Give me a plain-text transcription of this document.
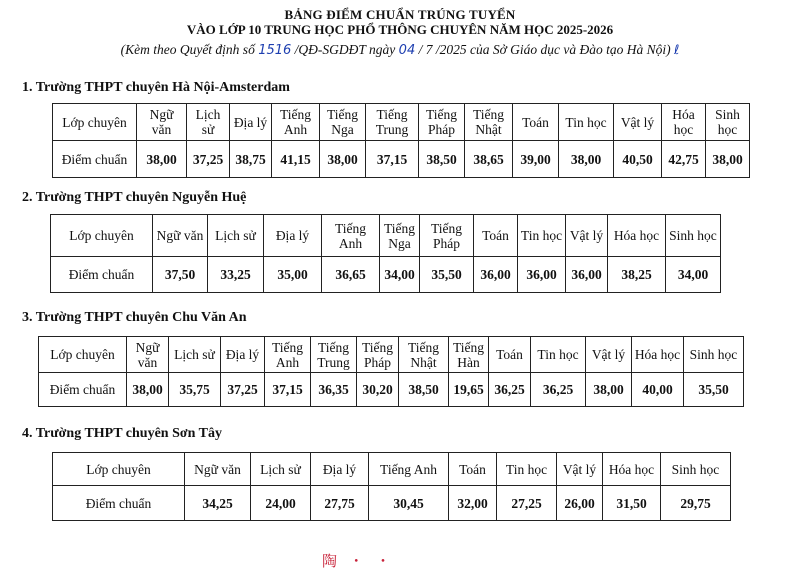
BẢNG ĐIỂM CHUẨN TRÚNG TUYỂN
VÀO LỚP 10 TRUNG HỌC PHỔ THÔNG CHUYÊN NĂM HỌC 2025-2026
(Kèm theo Quyết định số 1516 /QĐ-SGDĐT ngày 04 / 7 /2025 của Sở Giáo dục và Đào tạo Hà Nội) ℓ
1. Trường THPT chuyên Hà Nội-Amsterdam
Lớp chuyên	Ngữ văn	Lịch sử	Địa lý	Tiếng Anh	Tiếng Nga	Tiếng Trung	Tiếng Pháp	Tiếng Nhật	Toán	Tin học	Vật lý	Hóa học	Sinh học
Điểm chuẩn	38,00	37,25	38,75	41,15	38,00	37,15	38,50	38,65	39,00	38,00	40,50	42,75	38,00
2. Trường THPT chuyên Nguyễn Huệ
Lớp chuyên	Ngữ văn	Lịch sử	Địa lý	Tiếng Anh	Tiếng Nga	Tiếng Pháp	Toán	Tin học	Vật lý	Hóa học	Sinh học
Điểm chuẩn	37,50	33,25	35,00	36,65	34,00	35,50	36,00	36,00	36,00	38,25	34,00
3. Trường THPT chuyên Chu Văn An
Lớp chuyên	Ngữ văn	Lịch sử	Địa lý	Tiếng Anh	Tiếng Trung	Tiếng Pháp	Tiếng Nhật	Tiếng Hàn	Toán	Tin học	Vật lý	Hóa học	Sinh học
Điểm chuẩn	38,00	35,75	37,25	37,15	36,35	30,20	38,50	19,65	36,25	36,25	38,00	40,00	35,50
4. Trường THPT chuyên Sơn Tây
Lớp chuyên	Ngữ văn	Lịch sử	Địa lý	Tiếng Anh	Toán	Tin học	Vật lý	Hóa học	Sinh học
Điểm chuẩn	34,25	24,00	27,75	30,45	32,00	27,25	26,00	31,50	29,75
陶 ・ ・
